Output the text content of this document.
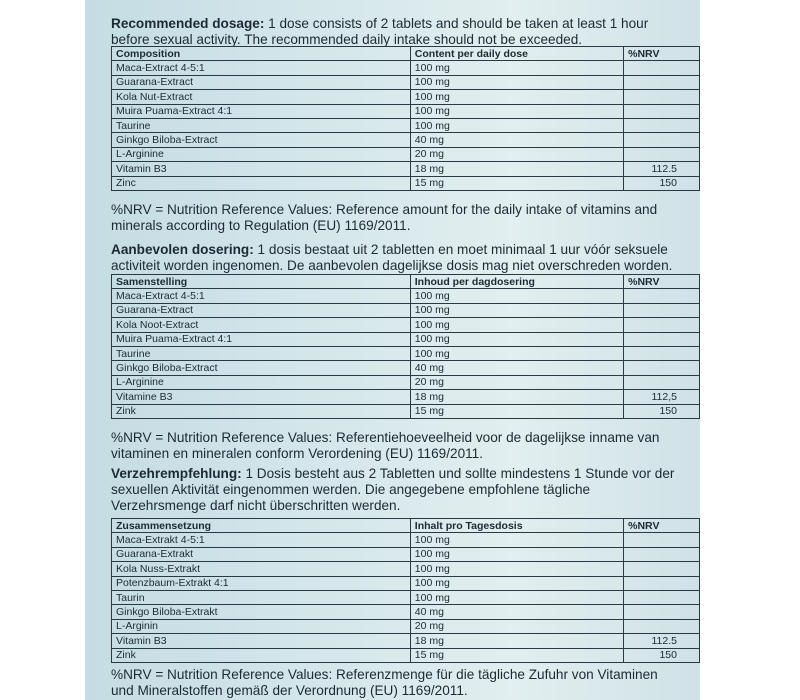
Recommended dosage: 1 dose consists of 2 tablets and should be taken at least 1 hour before sexual activity. The recommended daily intake should not be exceeded.

Composition	Content per daily dose	%NRV
Maca-Extract 4-5:1	100 mg	
Guarana-Extract	100 mg	
Kola Nut-Extract	100 mg	
Muira Puama-Extract 4:1	100 mg	
Taurine	100 mg	
Ginkgo Biloba-Extract	40 mg	
L-Arginine	20 mg	
Vitamin B3	18 mg	112.5
Zinc	15 mg	150

%NRV = Nutrition Reference Values: Reference amount for the daily intake of vitamins and minerals according to Regulation (EU) 1169/2011.

Aanbevolen dosering: 1 dosis bestaat uit 2 tabletten en moet minimaal 1 uur vóór seksuele activiteit worden ingenomen. De aanbevolen dagelijkse dosis mag niet overschreden worden.

Samenstelling	Inhoud per dagdosering	%NRV
Maca-Extract 4-5:1	100 mg	
Guarana-Extract	100 mg	
Kola Noot-Extract	100 mg	
Muira Puama-Extract 4:1	100 mg	
Taurine	100 mg	
Ginkgo Biloba-Extract	40 mg	
L-Arginine	20 mg	
Vitamine B3	18 mg	112,5
Zink	15 mg	150

%NRV = Nutrition Reference Values: Referentiehoeveelheid voor de dagelijkse inname van vitaminen en mineralen conform Verordening (EU) 1169/2011.

Verzehrempfehlung: 1 Dosis besteht aus 2 Tabletten und sollte mindestens 1 Stunde vor der sexuellen Aktivität eingenommen werden. Die angegebene empfohlene tägliche Verzehrsmenge darf nicht überschritten werden.

Zusammensetzung	Inhalt pro Tagesdosis	%NRV
Maca-Extrakt 4-5:1	100 mg	
Guarana-Extrakt	100 mg	
Kola Nuss-Extrakt	100 mg	
Potenzbaum-Extrakt 4:1	100 mg	
Taurin	100 mg	
Ginkgo Biloba-Extrakt	40 mg	
L-Arginin	20 mg	
Vitamin B3	18 mg	112.5
Zink	15 mg	150

%NRV = Nutrition Reference Values: Referenzmenge für die tägliche Zufuhr von Vitaminen und Mineralstoffen gemäß der Verordnung (EU) 1169/2011.
